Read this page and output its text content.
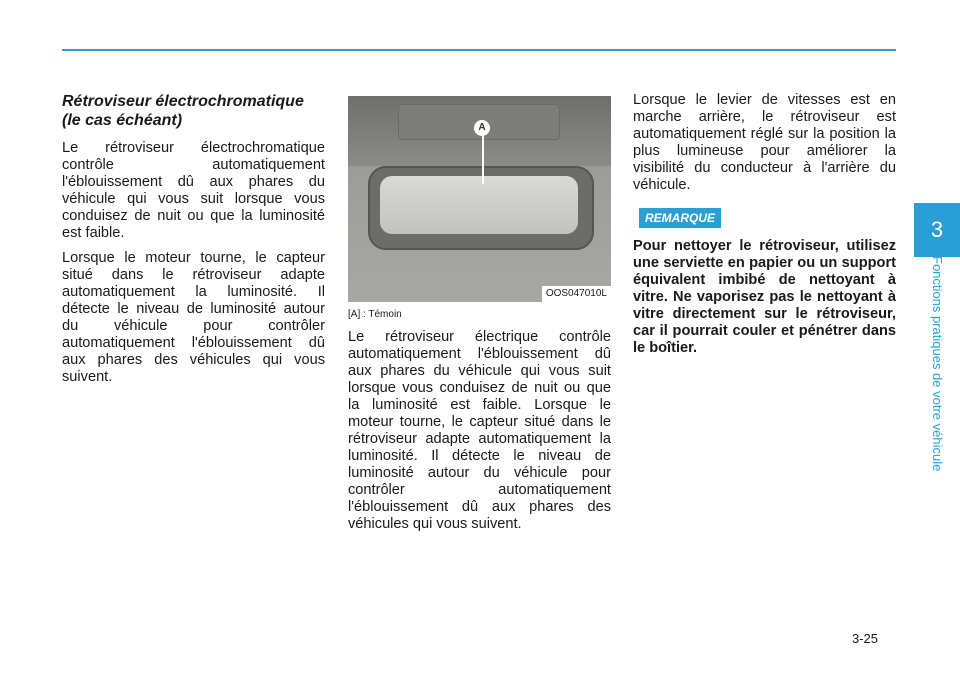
Rétroviseur électrochromatique
(le cas échéant)

Le rétroviseur électrochromatique contrôle automatiquement l'éblouissement dû aux phares du véhicule qui vous suit lorsque vous conduisez de nuit ou que la luminosité est faible.

Lorsque le moteur tourne, le capteur situé dans le rétroviseur adapte automatiquement la luminosité. Il détecte le niveau de luminosité autour du véhicule pour contrôler automatiquement l'éblouissement dû aux phares des véhicules qui vous suivent.

A
OOS047010L
[A] : Témoin

Le rétroviseur électrique contrôle automatiquement l'éblouissement dû aux phares du véhicule qui vous suit lorsque vous conduisez de nuit ou que la luminosité est faible. Lorsque le moteur tourne, le capteur situé dans le rétroviseur adapte automatiquement la luminosité. Il détecte le niveau de luminosité autour du véhicule pour contrôler automatiquement l'éblouissement dû aux phares des véhicules qui vous suivent.

Lorsque le levier de vitesses est en marche arrière, le rétroviseur est automatiquement réglé sur la position la plus lumineuse pour améliorer la visibilité du conducteur à l'arrière du véhicule.

REMARQUE

Pour nettoyer le rétroviseur, utilisez une serviette en papier ou un support équivalent imbibé de nettoyant à vitre. Ne vaporisez pas le nettoyant à vitre directement sur le rétroviseur, car il pourrait couler et pénétrer dans le boîtier.

3
Fonctions pratiques de votre véhicule
3-25
